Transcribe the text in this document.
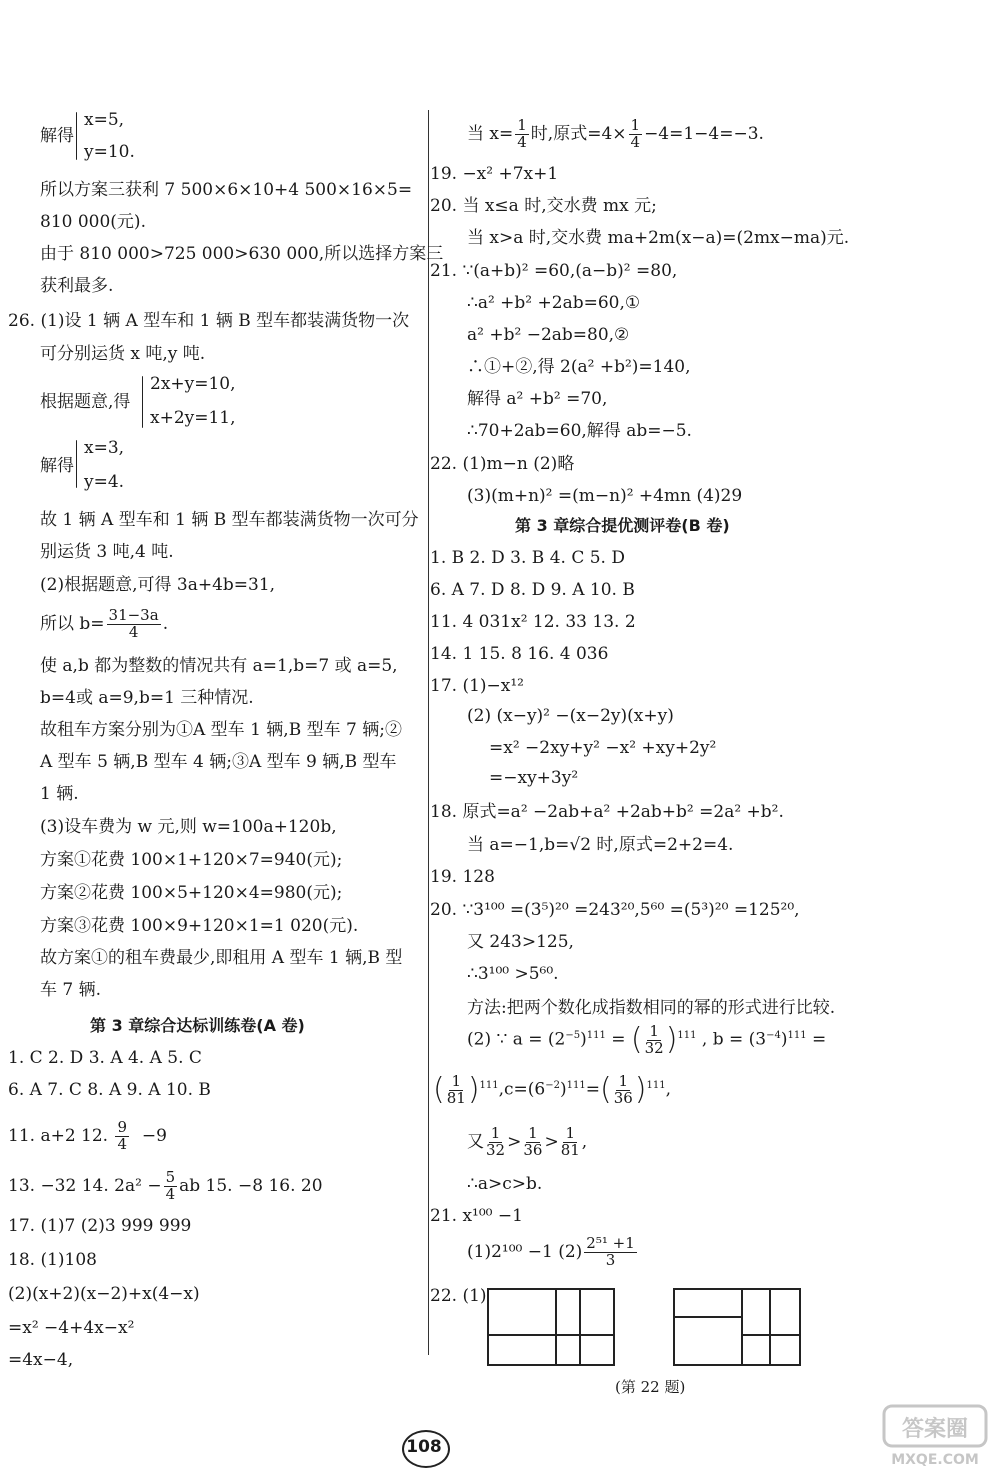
解得
x=5,
y=10.
所以方案三获利 7 500×6×10+4 500×16×5=
810 000(元).
由于 810 000>725 000>630 000,所以选择方案三
获利最多.
26. (1)设 1 辆 A 型车和 1 辆 B 型车都装满货物一次
可分别运货 x 吨,y 吨.
根据题意,得
2x+y=10,
x+2y=11,
解得
x=3,
y=4.
故 1 辆 A 型车和 1 辆 B 型车都装满货物一次可分
别运货 3 吨,4 吨.
(2)根据题意,可得 3a+4b=31,
所以 $b= \frac{31-3a}{4}$ .
使 a,b 都为整数的情况共有 a=1,b=7 或 a=5,
b=4或 a=9,b=1 三种情况.
故租车方案分别为①A 型车 1 辆,B 型车 7 辆;②
A 型车 5 辆,B 型车 4 辆;③A 型车 9 辆,B 型车
1 辆.
(3)设车费为 w 元,则 w=100a+120b,
方案①花费 100×1+120×7=940(元);
方案②花费 100×5+120×4=980(元);
方案③花费 100×9+120×1=1 020(元).
故方案①的租车费最少,即租用 A 型车 1 辆,B 型
车 7 辆.
第 3 章综合达标训练卷(A 卷)
1. C 2. D 3. A 4. A 5. C
6. A 7. C 8. A 9. A 10. B
11. a+2 12. $\frac{9}{4} -9$
13. −32 14. $2a^2 - \frac{5}{4}$ ab 15. −8 16. 20
17. (1)7 (2)3 999 999
18. (1)108
(2)(x+2)(x−2)+x(4−x)
=x² −4+4x−x²
=4x−4,
当 $x= \frac{1}{4}$ 时,原式$=4\times \frac{1}{4} -4=1-4=-3$.
19. −x² +7x+1
20. 当 x≤a 时,交水费 mx 元;
当 x>a 时,交水费 ma+2m(x−a)=(2mx−ma)元.
21. ∵(a+b)² =60,(a−b)² =80,
∴a² +b² +2ab=60,①
a² +b² −2ab=80,②
∴①+②,得 2(a² +b²)=140,
解得 a² +b² =70,
∴70+2ab=60,解得 ab=−5.
22. (1)m−n (2)略
(3)(m+n)² =(m−n)² +4mn (4)29
第 3 章综合提优测评卷(B 卷)
1. B 2. D 3. B 4. C 5. D
6. A 7. D 8. D 9. A 10. B
11. 4 031x² 12. 33 13. 2
14. 1 15. 8 16. 4 036
17. (1)−x¹²
(2) (x−y)² −(x−2y)(x+y)
=x² −2xy+y² −x² +xy+2y²
=−xy+3y²
18. 原式=a² −2ab+a² +2ab+b² =2a² +b².
当 a=−1,b=√2 时,原式=2+2=4.
19. 128
20. ∵3¹⁰⁰ =(3⁵)²⁰ =243²⁰,5⁶⁰ =(5³)²⁰ =125²⁰,
又 243>125,
∴3¹⁰⁰ >5⁶⁰.
方法:把两个数化成指数相同的幂的形式进行比较.
(2) ∵ $a = (2^{-5})^{111}$ = ( $\frac{1}{32} )^{111}$ , $b = (3^{-4})^{111}$ =
( $\frac{1}{81} )^{111},c=(6^{-2})^{111}=( \frac{1}{36} )^{111}$,
又 $\frac{1}{32} > \frac{1}{36} > \frac{1}{81}$ ,
∴a>c>b.
21. x¹⁰⁰ −1
(1)2¹⁰⁰ −1 $(2) \frac{\text{2⁵¹ +1}}{3}$
22. (1)
(第 22 题)
108
答案圈
MXQE.COM
